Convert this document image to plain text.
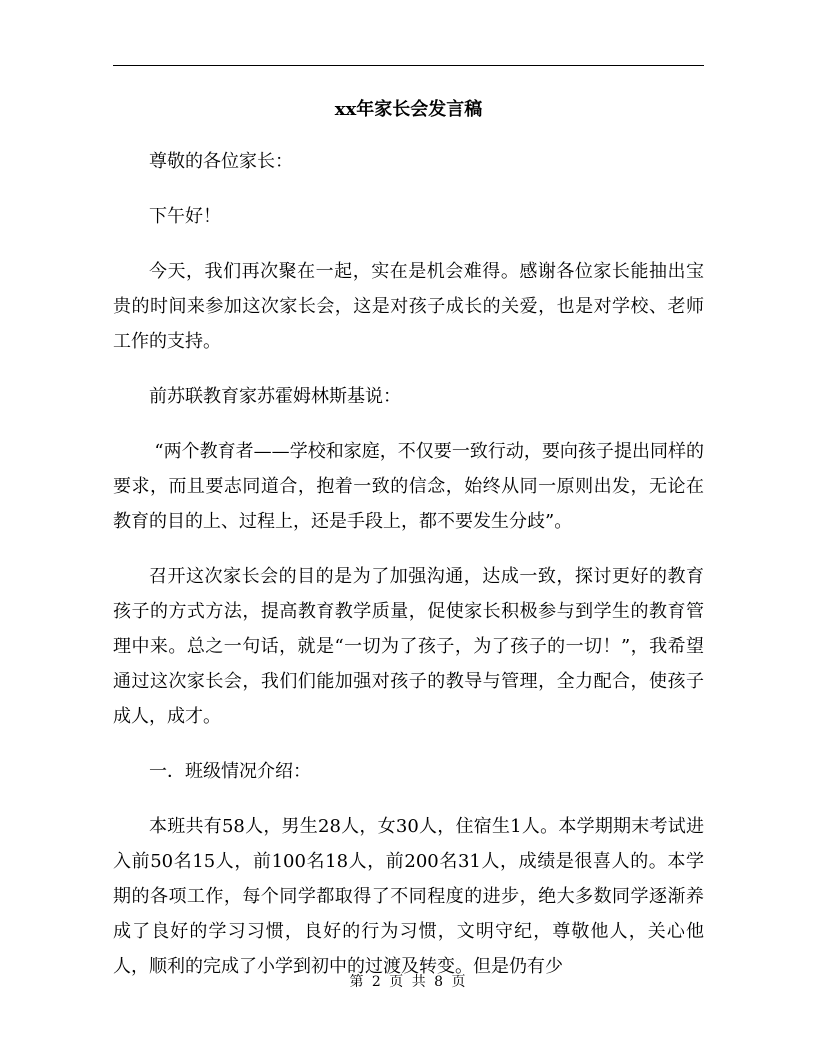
xx年家长会发言稿

尊敬的各位家长：

下午好！

今天，我们再次聚在一起，实在是机会难得。感谢各位家长能抽出宝贵的时间来参加这次家长会，这是对孩子成长的关爱，也是对学校、老师工作的支持。

前苏联教育家苏霍姆林斯基说：

“两个教育者——学校和家庭，不仅要一致行动，要向孩子提出同样的要求，而且要志同道合，抱着一致的信念，始终从同一原则出发，无论在教育的目的上、过程上，还是手段上，都不要发生分歧”。

召开这次家长会的目的是为了加强沟通，达成一致，探讨更好的教育孩子的方式方法，提高教育教学质量，促使家长积极参与到学生的教育管理中来。总之一句话，就是“一切为了孩子，为了孩子的一切！”，我希望通过这次家长会，我们们能加强对孩子的教导与管理，全力配合，使孩子成人，成才。

一．班级情况介绍：

本班共有58人，男生28人，女30人，住宿生1人。本学期期末考试进入前50名15人，前100名18人，前200名31人，成绩是很喜人的。本学期的各项工作，每个同学都取得了不同程度的进步，绝大多数同学逐渐养成了良好的学习习惯，良好的行为习惯，文明守纪，尊敬他人，关心他人，顺利的完成了小学到初中的过渡及转变。但是仍有少

第 2 页 共 8 页
